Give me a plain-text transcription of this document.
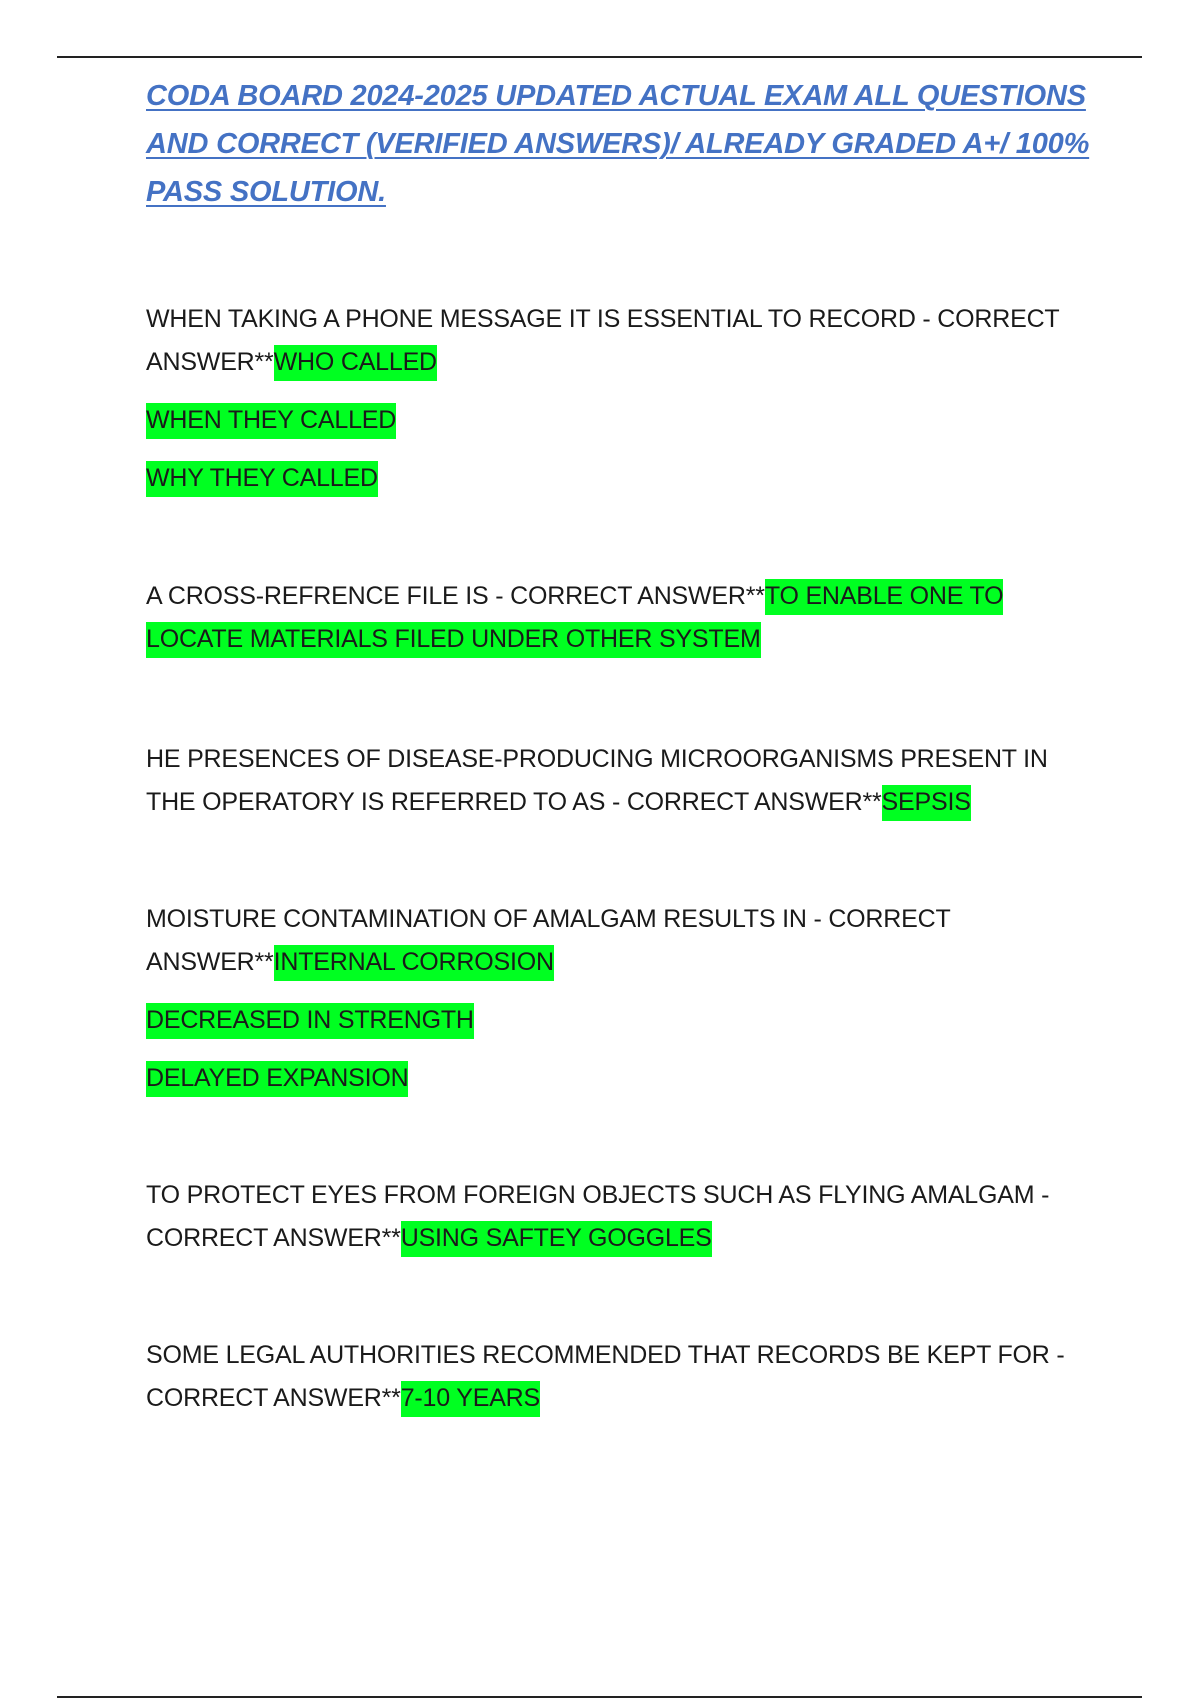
CODA BOARD 2024-2025 UPDATED ACTUAL EXAM ALL QUESTIONS AND CORRECT (VERIFIED ANSWERS)/ ALREADY GRADED A+/ 100% PASS SOLUTION.

WHEN TAKING A PHONE MESSAGE IT IS ESSENTIAL TO RECORD - CORRECT ANSWER**WHO CALLED

WHEN THEY CALLED

WHY THEY CALLED

A CROSS-REFRENCE FILE IS - CORRECT ANSWER**TO ENABLE ONE TO LOCATE MATERIALS FILED UNDER OTHER SYSTEM

HE PRESENCES OF DISEASE-PRODUCING MICROORGANISMS PRESENT IN THE OPERATORY IS REFERRED TO AS - CORRECT ANSWER**SEPSIS

MOISTURE CONTAMINATION OF AMALGAM RESULTS IN - CORRECT ANSWER**INTERNAL CORROSION

DECREASED IN STRENGTH

DELAYED EXPANSION

TO PROTECT EYES FROM FOREIGN OBJECTS SUCH AS FLYING AMALGAM - CORRECT ANSWER**USING SAFTEY GOGGLES

SOME LEGAL AUTHORITIES RECOMMENDED THAT RECORDS BE KEPT FOR - CORRECT ANSWER**7-10 YEARS
